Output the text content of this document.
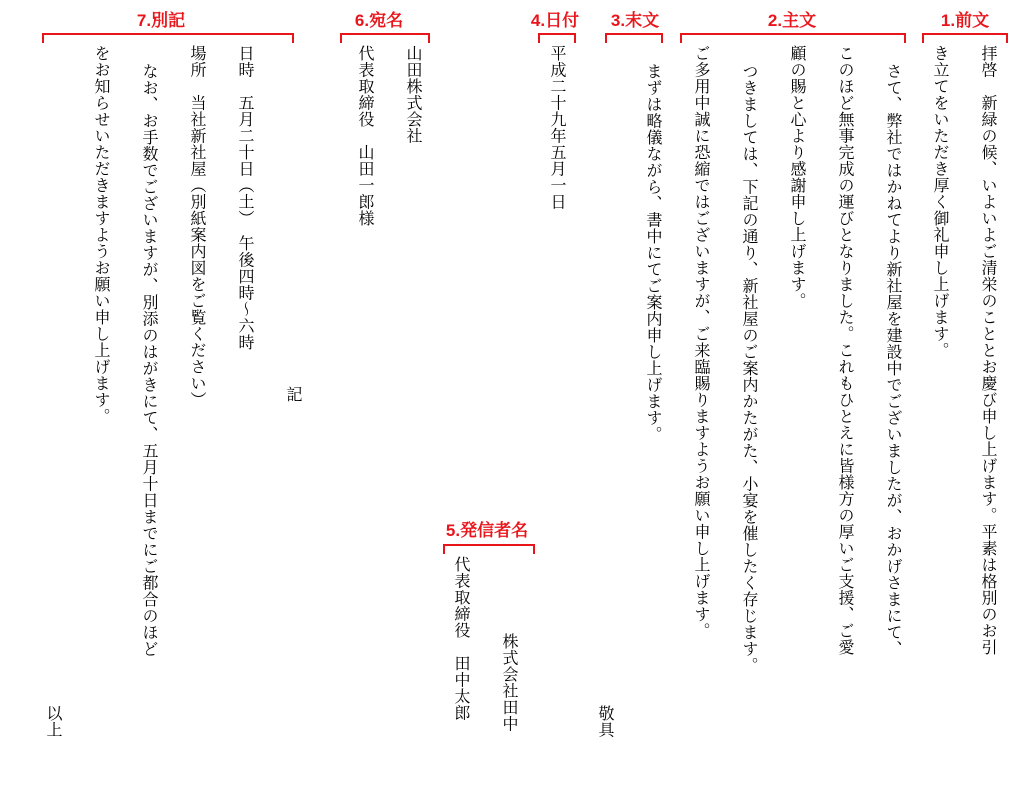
1.前文
2.主文
3.末文
4.日付
6.宛名
7.別記
5.発信者名	拝啓　新緑の候、いよいよご清栄のこととお慶び申し上げます。平素は格別のお引
き立てをいただき厚く御礼申し上げます。
さて、弊社ではかねてより新社屋を建設中でございましたが、おかげさまにて、
このほど無事完成の運びとなりました。これもひとえに皆様方の厚いご支援、ご愛
顧の賜と心より感謝申し上げます。
つきましては、下記の通り、新社屋のご案内かたがた、小宴を催したく存じます。
ご多用中誠に恐縮ではございますが、ご来臨賜りますようお願い申し上げます。
まずは略儀ながら、書中にてご案内申し上げます。
敬具
平成二十九年五月一日
株式会社田中
代表取締役　田中太郎
山田株式会社
代表取締役　山田一郎様
記
日時　五月二十日（土）　午後四時～六時
場所　当社新社屋（別紙案内図をご覧ください）
なお、お手数でございますが、別添のはがきにて、五月十日までにご都合のほど
をお知らせいただきますようお願い申し上げます。
以上
